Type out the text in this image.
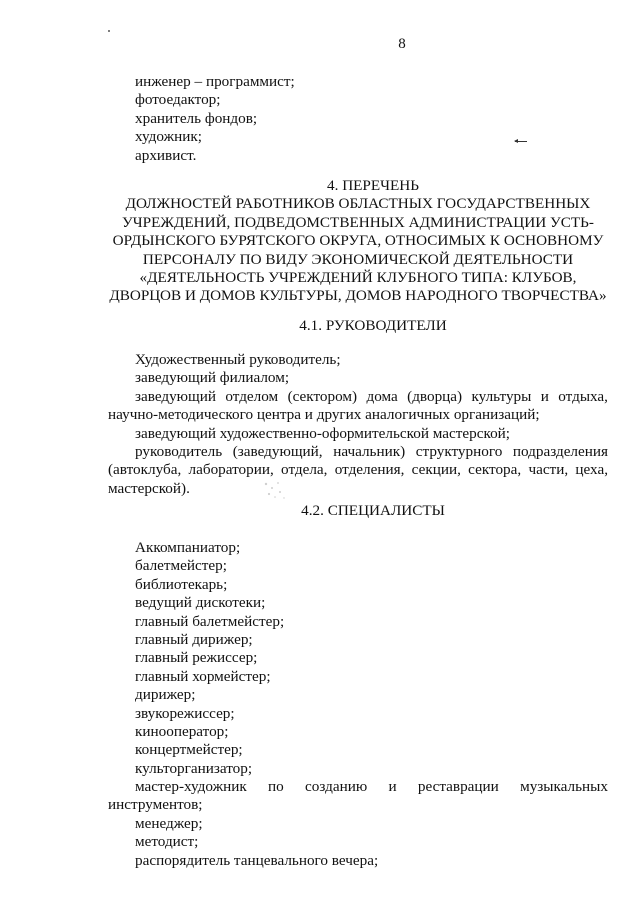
8
инженер – программист;
фотоедактор;
хранитель фондов;
художник;
архивист.
4. ПЕРЕЧЕНЬ
ДОЛЖНОСТЕЙ РАБОТНИКОВ ОБЛАСТНЫХ ГОСУДАРСТВЕННЫХ
УЧРЕЖДЕНИЙ, ПОДВЕДОМСТВЕННЫХ АДМИНИСТРАЦИИ УСТЬ-
ОРДЫНСКОГО БУРЯТСКОГО ОКРУГА, ОТНОСИМЫХ К ОСНОВНОМУ
ПЕРСОНАЛУ ПО ВИДУ ЭКОНОМИЧЕСКОЙ ДЕЯТЕЛЬНОСТИ
«ДЕЯТЕЛЬНОСТЬ УЧРЕЖДЕНИЙ КЛУБНОГО ТИПА: КЛУБОВ,
ДВОРЦОВ И ДОМОВ КУЛЬТУРЫ, ДОМОВ НАРОДНОГО ТВОРЧЕСТВА»
4.1. РУКОВОДИТЕЛИ
Художественный руководитель;
заведующий филиалом;
заведующий отделом (сектором) дома (дворца) культуры и отдыха,
научно-методического центра и других аналогичных организаций;
заведующий художественно-оформительской мастерской;
руководитель (заведующий, начальник) структурного подразделения
(автоклуба, лаборатории, отдела, отделения, секции, сектора, части, цеха,
мастерской).
4.2. СПЕЦИАЛИСТЫ
Аккомпаниатор;
балетмейстер;
библиотекарь;
ведущий дискотеки;
главный балетмейстер;
главный дирижер;
главный режиссер;
главный хормейстер;
дирижер;
звукорежиссер;
кинооператор;
концертмейстер;
культорганизатор;
мастер-художник по созданию и реставрации музыкальных
инструментов;
менеджер;
методист;
распорядитель танцевального вечера;
